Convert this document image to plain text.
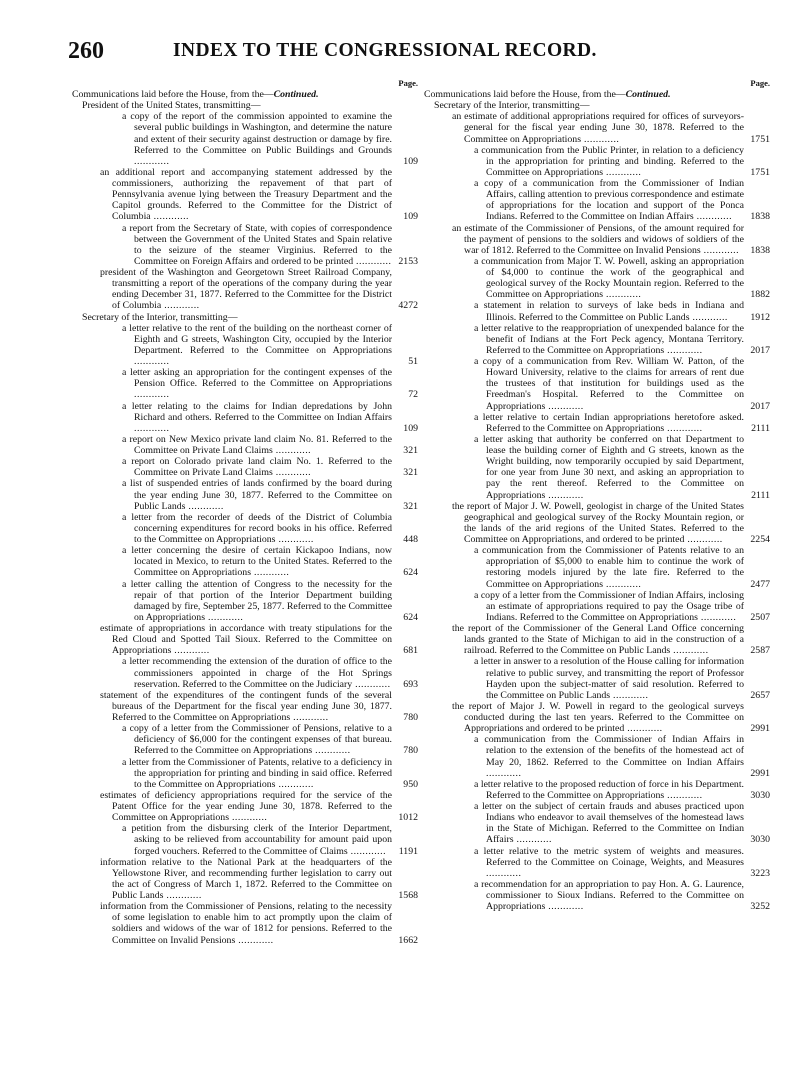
260	INDEX TO THE CONGRESSIONAL RECORD.
Page.
Communications laid before the House, from the—Continued.
President of the United States, transmitting—
a copy of the report of the commission appointed to examine the several public buildings in Washington, and determine the nature and extent of their security against destruction or damage by fire. Referred to the Committee on Public Buildings and Grounds ............	109
an additional report and accompanying statement addressed by the commissioners, authorizing the repavement of that part of Pennsylvania avenue lying between the Treasury Department and the Capitol grounds. Referred to the Committee for the District of Columbia ............	109
a report from the Secretary of State, with copies of correspondence between the Government of the United States and Spain relative to the seizure of the steamer Virginius. Referred to the Committee on Foreign Affairs and ordered to be printed ............ 2153
president of the Washington and Georgetown Street Railroad Company, transmitting a report of the operations of the company during the year ending December 31, 1877. Referred to the Committee for the District of Columbia ............	4272
Secretary of the Interior, transmitting—
a letter relative to the rent of the building on the northeast corner of Eighth and G streets, Washington City, occupied by the Interior Department. Referred to the Committee on Appropriations ............	51
a letter asking an appropriation for the contingent expenses of the Pension Office. Referred to the Committee on Appropriations ............	72
a letter relating to the claims for Indian depredations by John Richard and others. Referred to the Committee on Indian Affairs ............	109
a report on New Mexico private land claim No. 81. Referred to the Committee on Private Land Claims ............	321
a report on Colorado private land claim No. 1. Referred to the Committee on Private Land Claims ............	321
a list of suspended entries of lands confirmed by the board during the year ending June 30, 1877. Referred to the Committee on Public Lands ............	321
a letter from the recorder of deeds of the District of Columbia concerning expenditures for record books in his office. Referred to the Committee on Appropriations ............	448
a letter concerning the desire of certain Kickapoo Indians, now located in Mexico, to return to the United States. Referred to the Committee on Appropriations ............	624
a letter calling the attention of Congress to the necessity for the repair of that portion of the Interior Department building damaged by fire, September 25, 1877. Referred to the Committee on Appropriations ............	624
estimate of appropriations in accordance with treaty stipulations for the Red Cloud and Spotted Tail Sioux. Referred to the Committee on Appropriations ............	681
a letter recommending the extension of the duration of office to the commissioners appointed in charge of the Hot Springs reservation. Referred to the Committee on the Judiciary ............ 693
statement of the expenditures of the contingent funds of the several bureaus of the Department for the fiscal year ending June 30, 1877. Referred to the Committee on Appropriations ............	780
a copy of a letter from the Commissioner of Pensions, relative to a deficiency of $6,000 for the contingent expenses of that bureau. Referred to the Committee on Appropriations ............	780
a letter from the Commissioner of Patents, relative to a deficiency in the appropriation for printing and binding in said office. Referred to the Committee on Appropriations ............	950
estimates of deficiency appropriations required for the service of the Patent Office for the year ending June 30, 1878. Referred to the Committee on Appropriations ............	1012
a petition from the disbursing clerk of the Interior Department, asking to be relieved from accountability for amount paid upon forged vouchers. Referred to the Committee of Claims ............ 1191
information relative to the National Park at the headquarters of the Yellowstone River, and recommending further legislation to carry out the act of Congress of March 1, 1872. Referred to the Committee on Public Lands ............	1568
information from the Commissioner of Pensions, relating to the necessity of some legislation to enable him to act promptly upon the claim of soldiers and widows of the war of 1812 for pensions. Referred to the Committee on Invalid Pensions ............	1662
Page.
Communications laid before the House, from the—Continued.
Secretary of the Interior, transmitting—
an estimate of additional appropriations required for offices of surveyors-general for the fiscal year ending June 30, 1878. Referred to the Committee on Appropriations ............	1751
a communication from the Public Printer, in relation to a deficiency in the appropriation for printing and binding. Referred to the Committee on Appropriations ............	1751
a copy of a communication from the Commissioner of Indian Affairs, calling attention to previous correspondence and estimate of appropriations for the location and support of the Ponca Indians. Referred to the Committee on Indian Affairs ............ 1838
an estimate of the Commissioner of Pensions, of the amount required for the payment of pensions to the soldiers and widows of soldiers of the war of 1812. Referred to the Committee on Invalid Pensions ............ 1838
a communication from Major T. W. Powell, asking an appropriation of $4,000 to continue the work of the geographical and geological survey of the Rocky Mountain region. Referred to the Committee on Appropriations ............	1882
a statement in relation to surveys of lake beds in Indiana and Illinois. Referred to the Committee on Public Lands ............ 1912
a letter relative to the reappropriation of unexpended balance for the benefit of Indians at the Fort Peck agency, Montana Territory. Referred to the Committee on Appropriations ............	2017
a copy of a communication from Rev. William W. Patton, of the Howard University, relative to the claims for arrears of rent due the trustees of that institution for buildings used as the Freedman's Hospital. Referred to the Committee on Appropriations ............	2017
a letter relative to certain Indian appropriations heretofore asked. Referred to the Committee on Appropriations ............	2111
a letter asking that authority be conferred on that Department to lease the building corner of Eighth and G streets, known as the Wright building, now temporarily occupied by said Department, for one year from June 30 next, and asking an appropriation to pay the rent thereof. Referred to the Committee on Appropriations ............	2111
the report of Major J. W. Powell, geologist in charge of the United States geographical and geological survey of the Rocky Mountain region, or the lands of the arid regions of the United States. Referred to the Committee on Appropriations, and ordered to be printed ............	2254
a communication from the Commissioner of Patents relative to an appropriation of $5,000 to enable him to continue the work of restoring models injured by the late fire. Referred to the Committee on Appropriations ............	2477
a copy of a letter from the Commissioner of Indian Affairs, inclosing an estimate of appropriations required to pay the Osage tribe of Indians. Referred to the Committee on Appropriations ............ 2507
the report of the Commissioner of the General Land Office concerning lands granted to the State of Michigan to aid in the construction of a railroad. Referred to the Committee on Public Lands ............	2587
a letter in answer to a resolution of the House calling for information relative to public survey, and transmitting the report of Professor Hayden upon the subject-matter of said resolution. Referred to the Committee on Public Lands ............	2657
the report of Major J. W. Powell in regard to the geological surveys conducted during the last ten years. Referred to the Committee on Appropriations and ordered to be printed ............	2991
a communication from the Commissioner of Indian Affairs in relation to the extension of the benefits of the homestead act of May 20, 1862. Referred to the Committee on Indian Affairs ............	2991
a letter relative to the proposed reduction of force in his Department. Referred to the Committee on Appropriations ............	3030
a letter on the subject of certain frauds and abuses practiced upon Indians who endeavor to avail themselves of the homestead laws in the State of Michigan. Referred to the Committee on Indian Affairs ............	3030
a letter relative to the metric system of weights and measures. Referred to the Committee on Coinage, Weights, and Measures ............	3223
a recommendation for an appropriation to pay Hon. A. G. Laurence, commissioner to Sioux Indians. Referred to the Committee on Appropriations ............	3252
